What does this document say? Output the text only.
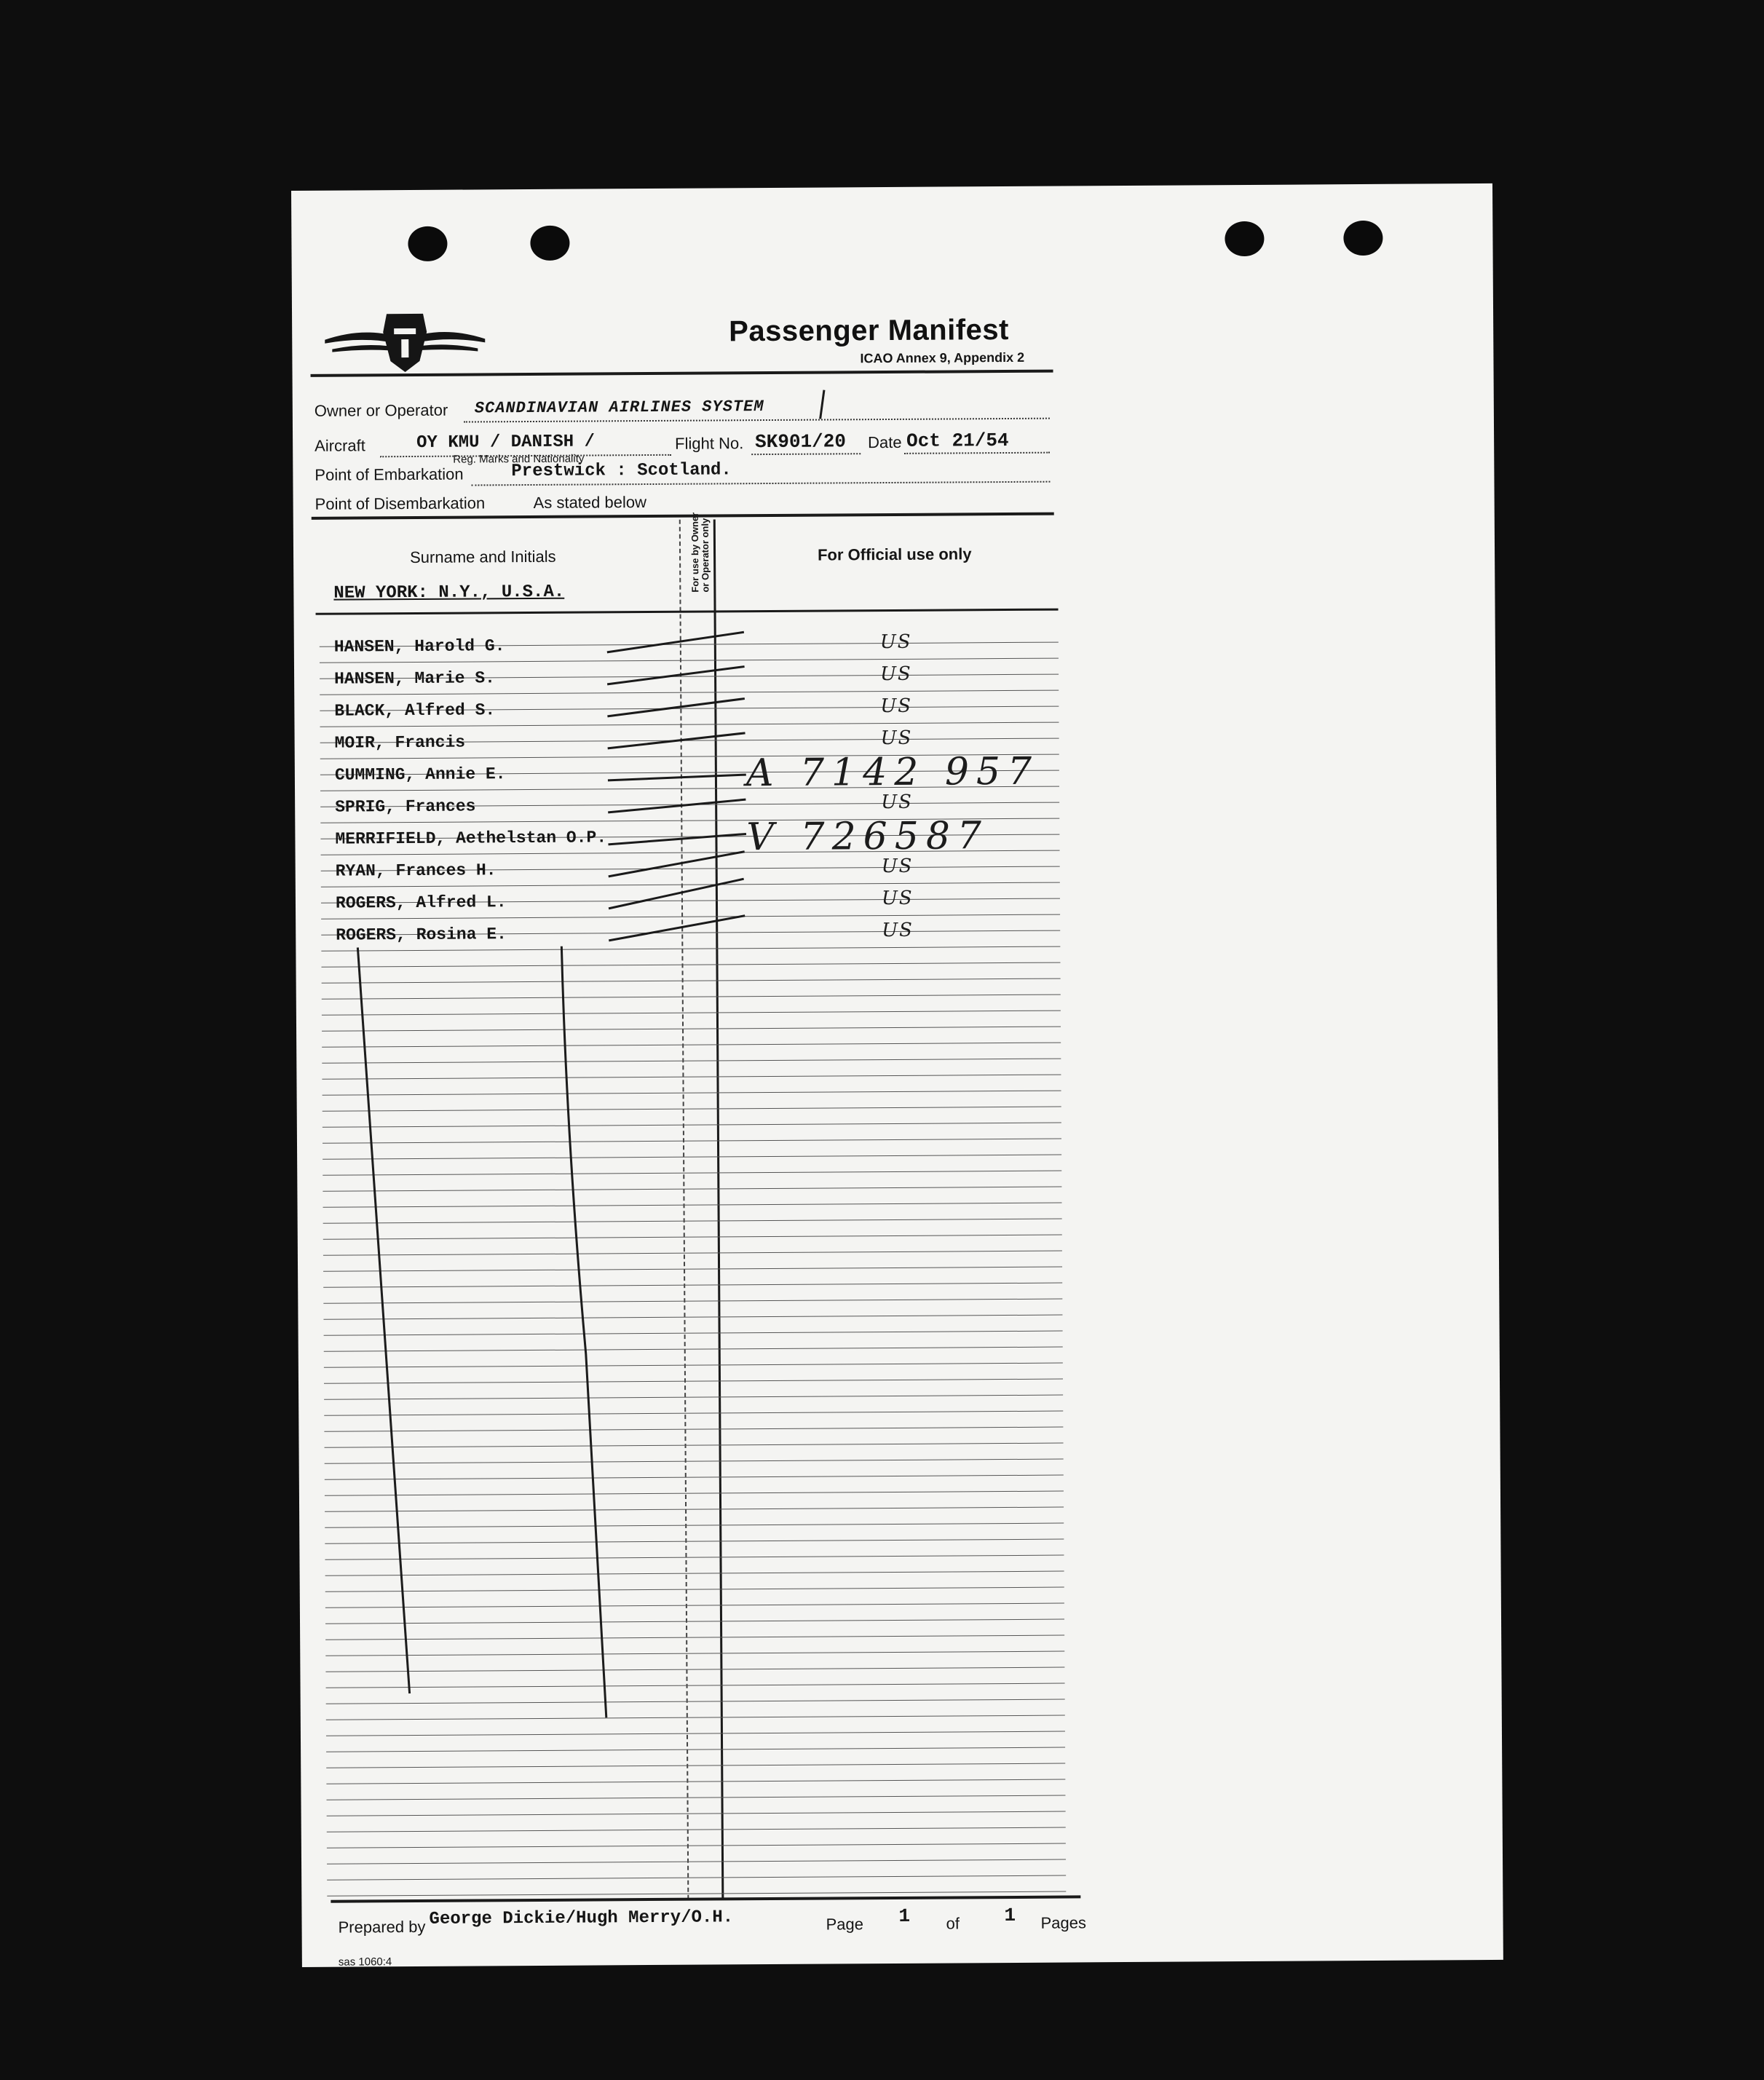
Passenger Manifest
ICAO Annex 9, Appendix 2
Owner or Operator SCANDINAVIAN AIRLINES SYSTEM
Aircraft	OY KMU / DANISH /
Reg. Marks and Nationality
Flight No. SK901/20 Date Oct 21/54
Point of Embarkation	Prestwick : Scotland.
Point of Disembarkation	As stated below
Surname and Initials	For use by Owner or Operator only	For Official use only
NEW YORK: N.Y., U.S.A.
HANSEN, Harold G.	US
HANSEN, Marie S.	US
BLACK, Alfred S.	US
MOIR, Francis	US
CUMMING, Annie E.	A 7142 957
SPRIG, Frances	US
MERRIFIELD, Aethelstan O.P.	V 726587
RYAN, Frances H.	US
ROGERS, Alfred L.	US
ROGERS, Rosina E.	US
Prepared by George Dickie/Hugh Merry/O.H.	Page 1 of 1 Pages
sas 1060:4
